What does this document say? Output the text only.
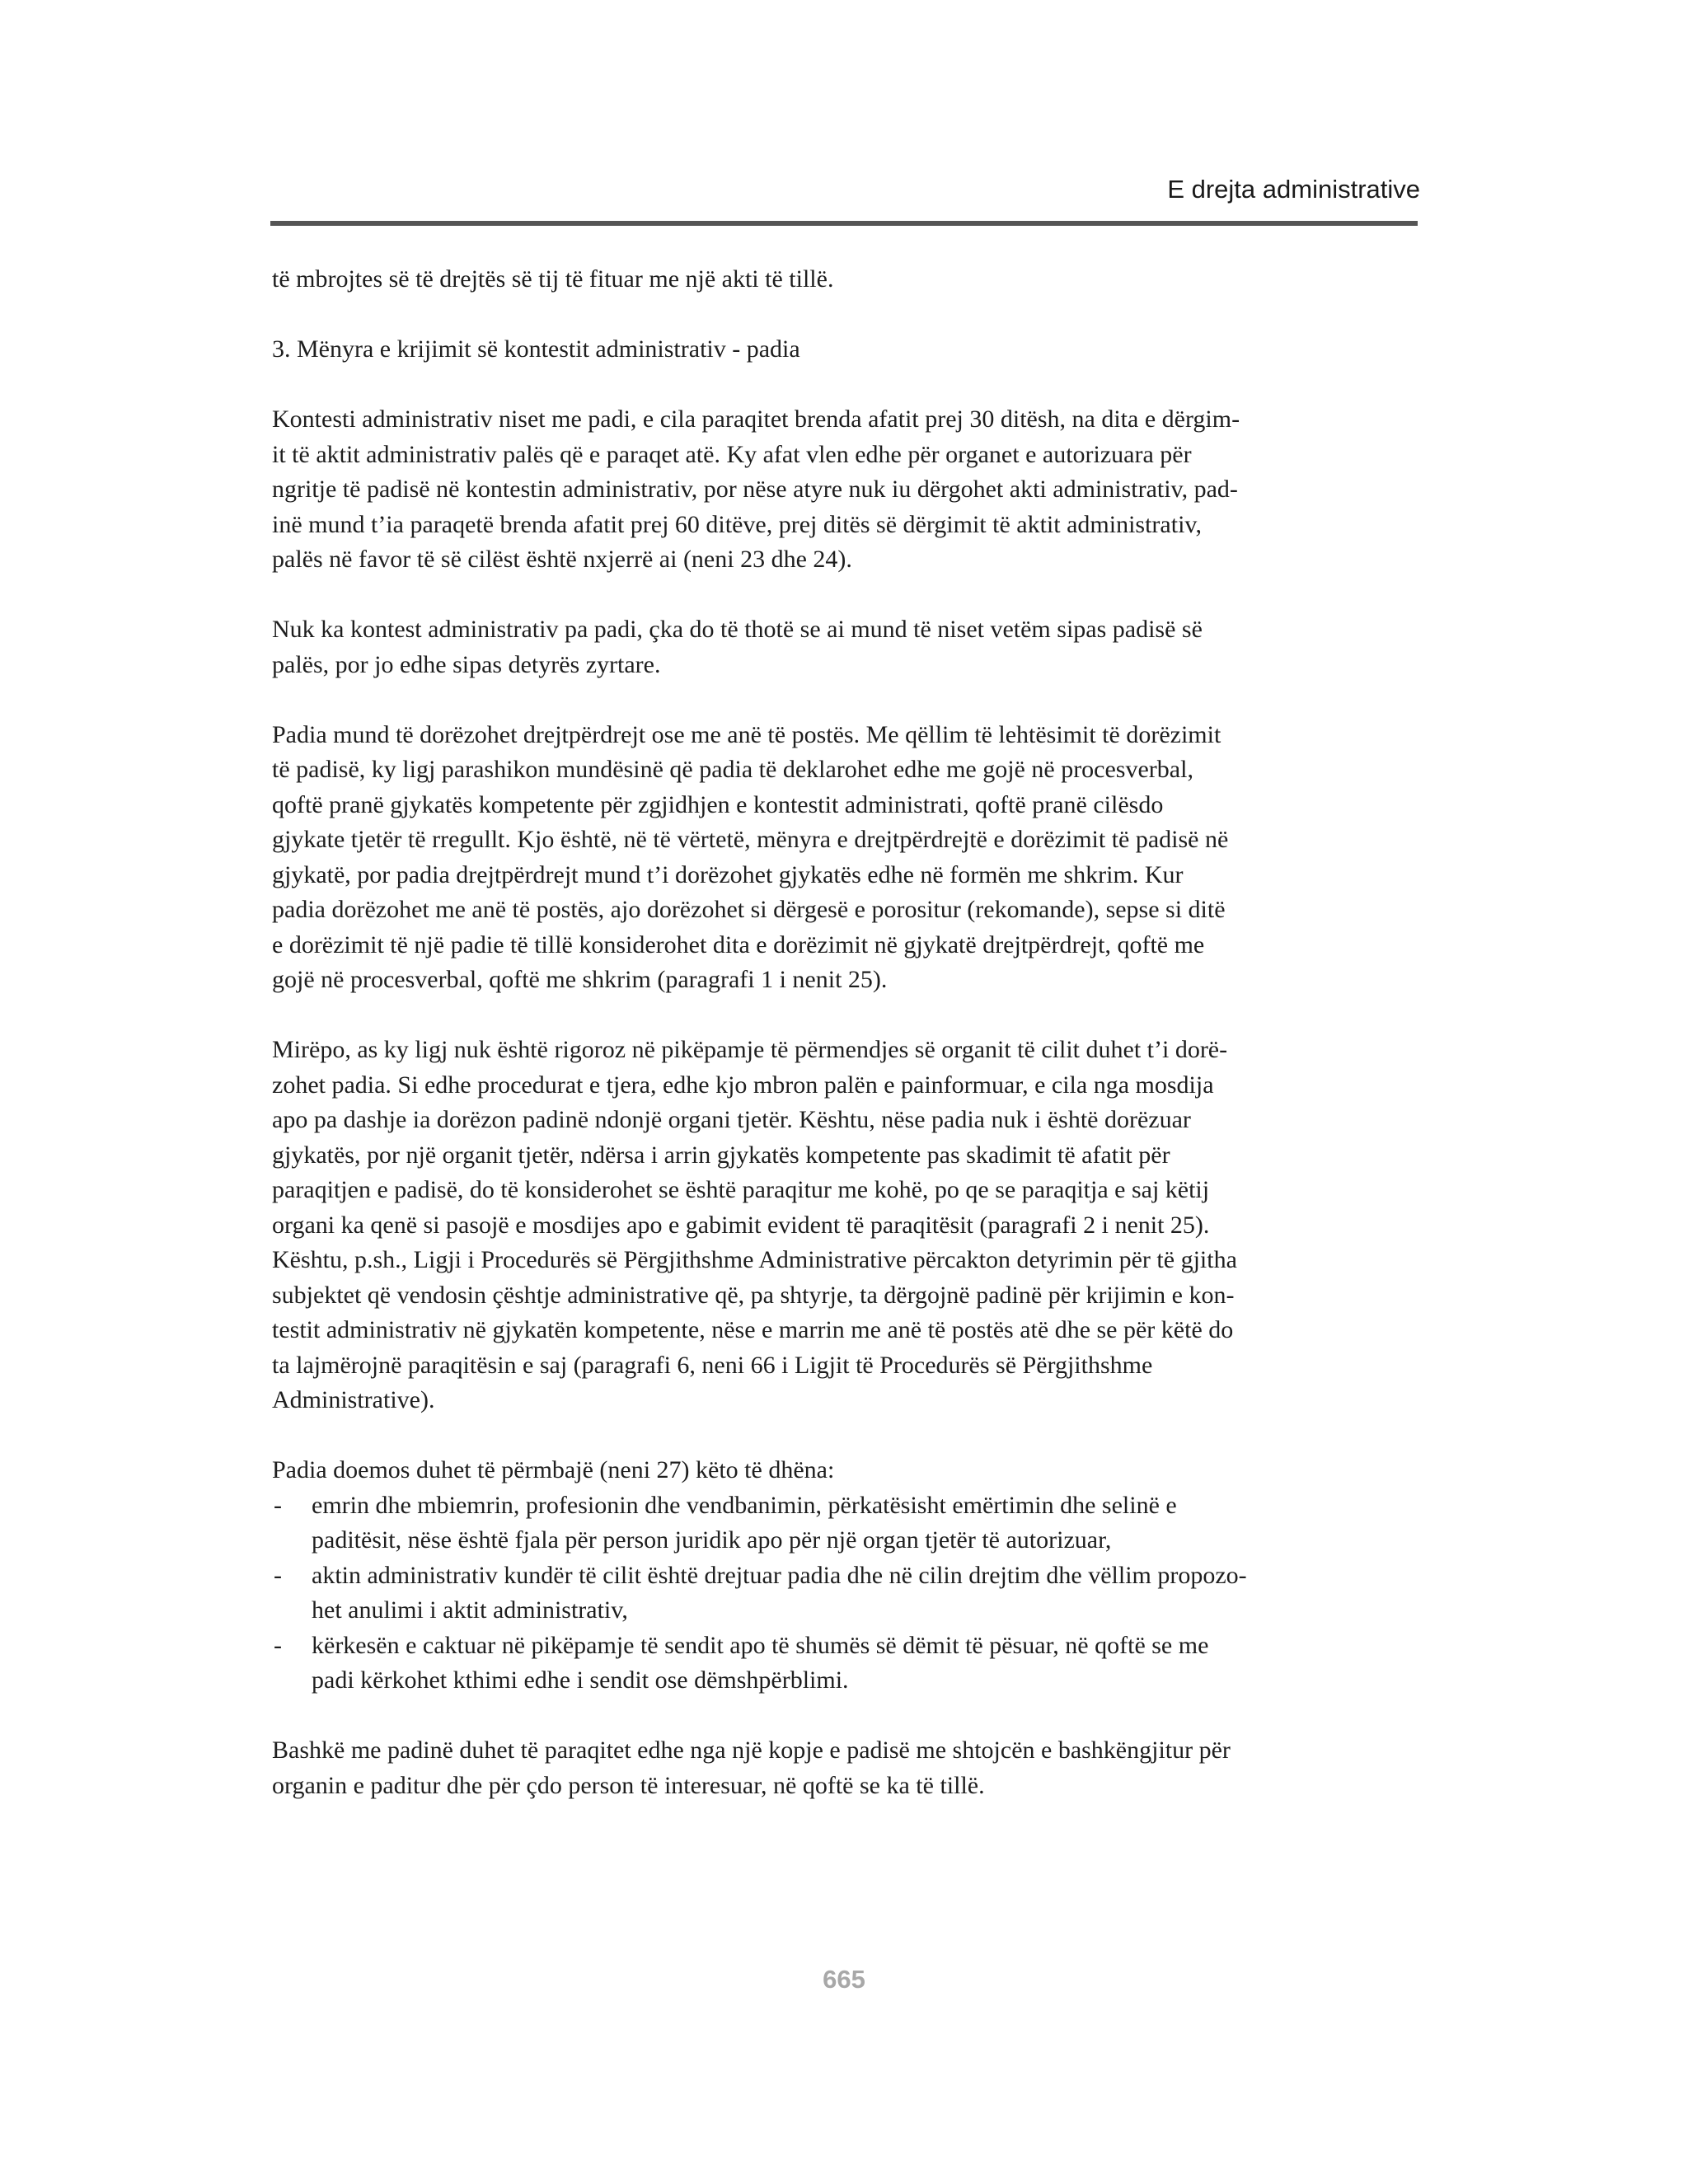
E drejta administrative
të mbrojtes së të drejtës së tij të fituar me një akti të tillë.
3. Mënyra e krijimit së kontestit administrativ - padia
Kontesti administrativ niset me padi, e cila paraqitet brenda afatit prej 30 ditësh, na dita e dërgim-
it të aktit administrativ palës që e paraqet atë. Ky afat vlen edhe për organet e autorizuara për
ngritje të padisë në kontestin administrativ, por nëse atyre nuk iu dërgohet akti administrativ, pad-
inë mund t’ia paraqetë brenda afatit prej 60 ditëve, prej ditës së dërgimit të aktit administrativ,
palës në favor të së cilëst është nxjerrë ai (neni 23 dhe 24).
Nuk ka kontest administrativ pa padi, çka do të thotë se ai mund të niset vetëm sipas padisë së
palës, por jo edhe sipas detyrës zyrtare.
Padia mund të dorëzohet drejtpërdrejt ose me anë të postës. Me qëllim të lehtësimit të dorëzimit
të padisë, ky ligj parashikon mundësinë që padia të deklarohet edhe me gojë në procesverbal,
qoftë pranë gjykatës kompetente për zgjidhjen e kontestit administrati, qoftë pranë cilësdo
gjykate tjetër të rregullt. Kjo është, në të vërtetë, mënyra e drejtpërdrejtë e dorëzimit të padisë në
gjykatë, por padia drejtpërdrejt mund t’i dorëzohet gjykatës edhe në formën me shkrim. Kur
padia dorëzohet me anë të postës, ajo dorëzohet si dërgesë e porositur (rekomande), sepse si ditë
e dorëzimit të një padie të tillë konsiderohet dita e dorëzimit në gjykatë drejtpërdrejt, qoftë me
gojë në procesverbal, qoftë me shkrim (paragrafi 1 i nenit 25).
Mirëpo, as ky ligj nuk është rigoroz në pikëpamje të përmendjes së organit të cilit duhet t’i dorë-
zohet padia. Si edhe procedurat e tjera, edhe kjo mbron palën e painformuar, e cila nga mosdija
apo pa dashje ia dorëzon padinë ndonjë organi tjetër. Kështu, nëse padia nuk i është dorëzuar
gjykatës, por një organit tjetër, ndërsa i arrin gjykatës kompetente pas skadimit të afatit për
paraqitjen e padisë, do të konsiderohet se është paraqitur me kohë, po qe se paraqitja e saj këtij
organi ka qenë si pasojë e mosdijes apo e gabimit evident të paraqitësit (paragrafi 2 i nenit 25).
Kështu, p.sh., Ligji i Procedurës së Përgjithshme Administrative përcakton detyrimin për të gjitha
subjektet që vendosin çështje administrative që, pa shtyrje, ta dërgojnë padinë për krijimin e kon-
testit administrativ në gjykatën kompetente, nëse e marrin me anë të postës atë dhe se për këtë do
ta lajmërojnë paraqitësin e saj (paragrafi 6, neni 66 i Ligjit të Procedurës së Përgjithshme
Administrative).
Padia doemos duhet të përmbajë (neni 27) këto të dhëna:
- emrin dhe mbiemrin, profesionin dhe vendbanimin, përkatësisht emërtimin dhe selinë e
paditësit, nëse është fjala për person juridik apo për një organ tjetër të autorizuar,
- aktin administrativ kundër të cilit është drejtuar padia dhe në cilin drejtim dhe vëllim propozo-
het anulimi i aktit administrativ,
- kërkesën e caktuar në pikëpamje të sendit apo të shumës së dëmit të pësuar, në qoftë se me
padi kërkohet kthimi edhe i sendit ose dëmshpërblimi.
Bashkë me padinë duhet të paraqitet edhe nga një kopje e padisë me shtojcën e bashkëngjitur për
organin e paditur dhe për çdo person të interesuar, në qoftë se ka të tillë.
665
